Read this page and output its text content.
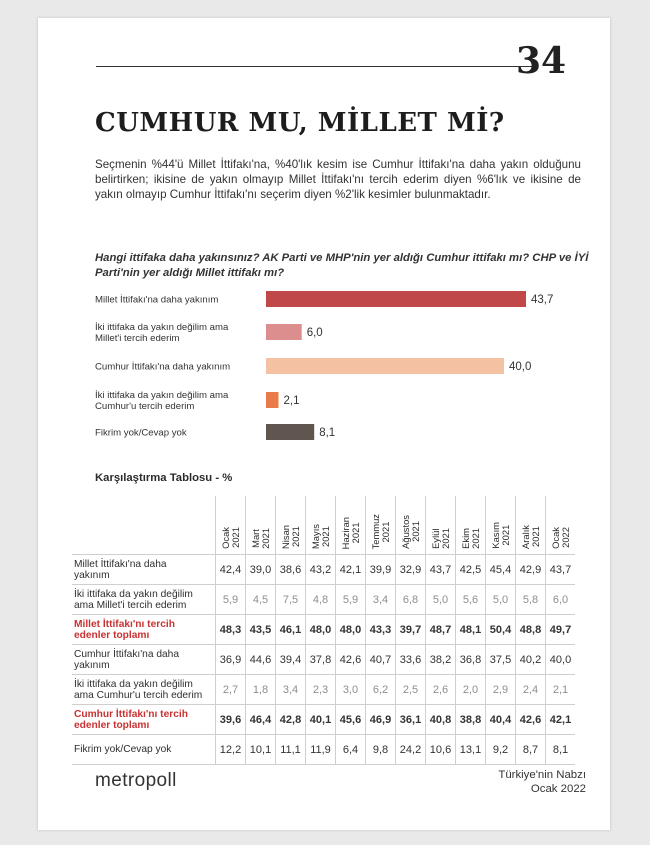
34
CUMHUR MU, MİLLET Mİ?
Seçmenin %44'ü Millet İttifakı'na, %40'lık kesim ise Cumhur İttifakı'na daha yakın olduğunu belirtirken; ikisine de yakın olmayıp Millet İttifakı'nı tercih ederim diyen %6'lık ve ikisine de yakın olmayıp Cumhur İttifakı'nı seçerim diyen %2'lik kesimler bulunmaktadır.
Hangi ittifaka daha yakınsınız? AK Parti ve MHP'nin yer aldığı Cumhur ittifakı mı? CHP ve İYİ Parti'nin yer aldığı Millet ittifakı mı?
Millet İttifakı'na daha yakınım	43,7
İki ittifaka da yakın değilim ama Millet'i tercih ederim	6,0
Cumhur İttifakı'na daha yakınım	40,0
İki ittifaka da yakın değilim ama Cumhur'u tercih ederim	2,1
Fikrim yok/Cevap yok	8,1
Karşılaştırma Tablosu - %

	Ocak 2021	Mart 2021	Nisan 2021	Mayıs 2021	Haziran 2021	Temmuz 2021	Ağustos 2021	Eylül 2021	Ekim 2021	Kasım 2021	Aralık 2021	Ocak 2022

Millet İttifakı'na daha
yakınım	42,4	39,0	38,6	43,2	42,1	39,9	32,9	43,7	42,5	45,4	42,9	43,7

İki ittifaka da yakın değilim
ama Millet'i tercih ederim	5,9	4,5	7,5	4,8	5,9	3,4	6,8	5,0	5,6	5,0	5,8	6,0

Millet İttifakı'nı tercih
edenler toplamı	48,3	43,5	46,1	48,0	48,0	43,3	39,7	48,7	48,1	50,4	48,8	49,7

Cumhur İttifakı'na daha
yakınım	36,9	44,6	39,4	37,8	42,6	40,7	33,6	38,2	36,8	37,5	40,2	40,0

İki ittifaka da yakın değilim
ama Cumhur'u tercih ederim	2,7	1,8	3,4	2,3	3,0	6,2	2,5	2,6	2,0	2,9	2,4	2,1

Cumhur İttifakı'nı tercih
edenler toplamı	39,6	46,4	42,8	40,1	45,6	46,9	36,1	40,8	38,8	40,4	42,6	42,1

Fikrim yok/Cevap yok	12,2	10,1	11,1	11,9	6,4	9,8	24,2	10,6	13,1	9,2	8,7	8,1
metropoll	Türkiye'nin Nabzı
Ocak 2022
